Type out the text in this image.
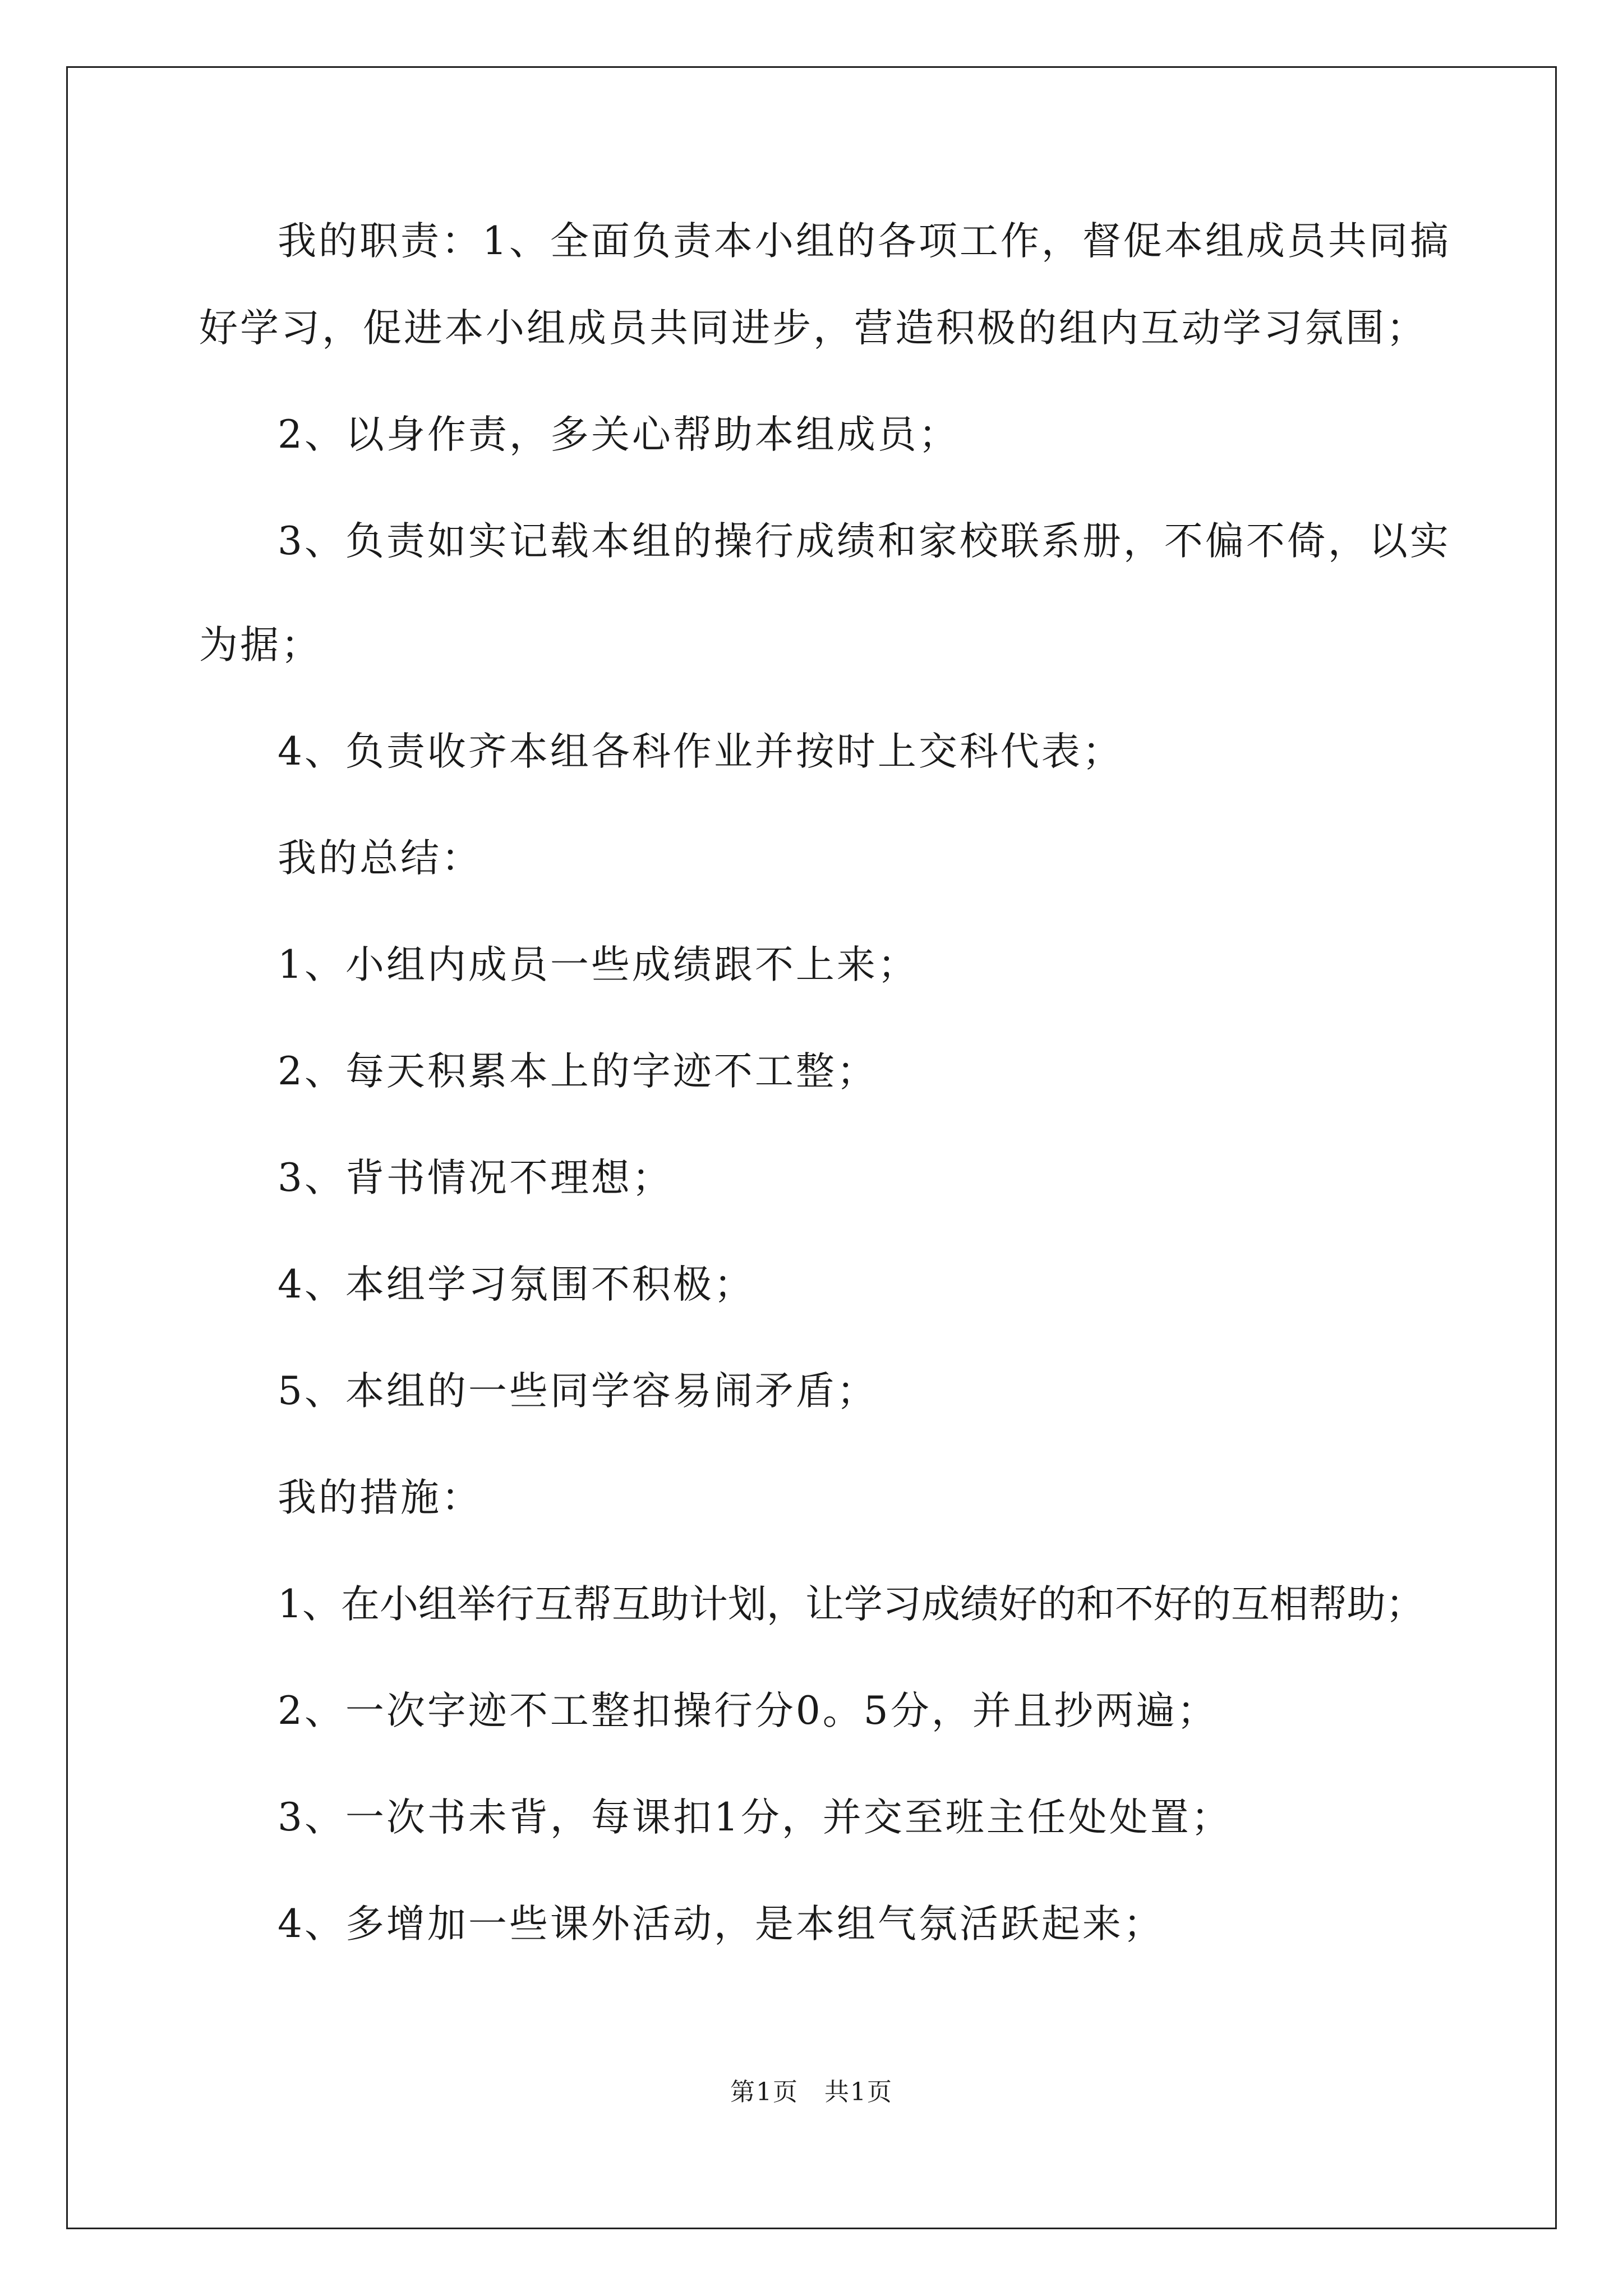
我的职责：1、全面负责本小组的各项工作，督促本组成员共同搞
好学习，促进本小组成员共同进步，营造积极的组内互动学习氛围；
2、以身作责，多关心帮助本组成员；
3、负责如实记载本组的操行成绩和家校联系册，不偏不倚，以实
为据；
4、负责收齐本组各科作业并按时上交科代表；
我的总结：
1、小组内成员一些成绩跟不上来；
2、每天积累本上的字迹不工整；
3、背书情况不理想；
4、本组学习氛围不积极；
5、本组的一些同学容易闹矛盾；
我的措施：
1、在小组举行互帮互助计划，让学习成绩好的和不好的互相帮助；
2、一次字迹不工整扣操行分0。5分，并且抄两遍；
3、一次书未背，每课扣1分，并交至班主任处处置；
4、多增加一些课外活动，是本组气氛活跃起来；
第1页　共1页
